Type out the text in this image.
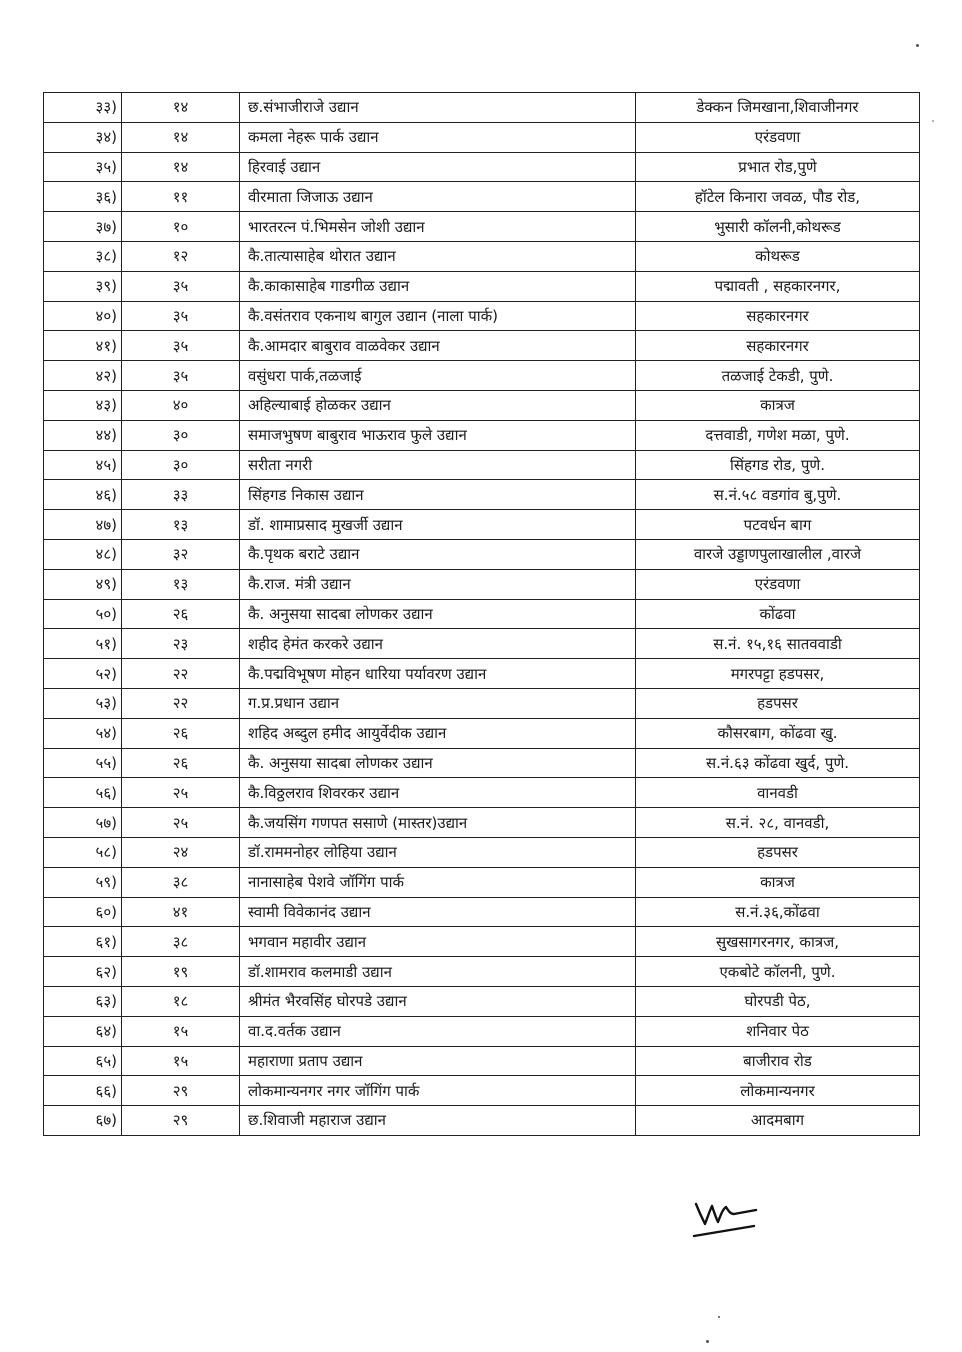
३३)	१४	छ.संभाजीराजे उद्यान	डेक्कन जिमखाना,शिवाजीनगर
३४)	१४	कमला नेहरू पार्क उद्यान	एरंडवणा
३५)	१४	हिरवाई उद्यान	प्रभात रोड,पुणे
३६)	११	वीरमाता जिजाऊ उद्यान	हॉटेल किनारा जवळ, पौड रोड,
३७)	१०	भारतरत्न पं.भिमसेन जोशी उद्यान	भुसारी कॉलनी,कोथरूड
३८)	१२	कै.तात्यासाहेब थोरात उद्यान	कोथरूड
३९)	३५	कै.काकासाहेब गाडगीळ उद्यान	पद्मावती , सहकारनगर,
४०)	३५	कै.वसंतराव एकनाथ बागुल उद्यान (नाला पार्क)	सहकारनगर
४१)	३५	कै.आमदार बाबुराव वाळवेकर उद्यान	सहकारनगर
४२)	३५	वसुंधरा पार्क,तळजाई	तळजाई टेकडी, पुणे.
४३)	४०	अहिल्याबाई होळकर उद्यान	कात्रज
४४)	३०	समाजभुषण बाबुराव भाऊराव फुले उद्यान	दत्तवाडी, गणेश मळा, पुणे.
४५)	३०	सरीता नगरी	सिंहगड रोड, पुणे.
४६)	३३	सिंहगड निकास उद्यान	स.नं.५८ वडगांव बु,पुणे.
४७)	१३	डॉ. शामाप्रसाद मुखर्जी उद्यान	पटवर्धन बाग
४८)	३२	कै.पृथक बराटे उद्यान	वारजे उड्डाणपुलाखालील ,वारजे
४९)	१३	कै.राज. मंत्री उद्यान	एरंडवणा
५०)	२६	कै. अनुसया सादबा लोणकर उद्यान	कोंढवा
५१)	२३	शहीद हेमंत करकरे उद्यान	स.नं. १५,१६ सातववाडी
५२)	२२	कै.पद्मविभूषण मोहन धारिया पर्यावरण उद्यान	मगरपट्टा हडपसर,
५३)	२२	ग.प्र.प्रधान उद्यान	हडपसर
५४)	२६	शहिद अब्दुल हमीद आयुर्वेदीक उद्यान	कौसरबाग, कोंढवा खु.
५५)	२६	कै. अनुसया सादबा लोणकर उद्यान	स.नं.६३ कोंढवा खुर्द, पुणे.
५६)	२५	कै.विठ्ठलराव शिवरकर उद्यान	वानवडी
५७)	२५	कै.जयसिंग गणपत ससाणे (मास्तर)उद्यान	स.नं. २८, वानवडी,
५८)	२४	डॉ.राममनोहर लोहिया उद्यान	हडपसर
५९)	३८	नानासाहेब पेशवे जॉगिंग पार्क	कात्रज
६०)	४१	स्वामी विवेकानंद उद्यान	स.नं.३६,कोंढवा
६१)	३८	भगवान महावीर उद्यान	सुखसागरनगर, कात्रज,
६२)	१९	डॉ.शामराव कलमाडी उद्यान	एकबोटे कॉलनी, पुणे.
६३)	१८	श्रीमंत भैरवसिंह घोरपडे उद्यान	घोरपडी पेठ,
६४)	१५	वा.द.वर्तक उद्यान	शनिवार पेठ
६५)	१५	महाराणा प्रताप उद्यान	बाजीराव रोड
६६)	२९	लोकमान्यनगर नगर जॉगिंग पार्क	लोकमान्यनगर
६७)	२९	छ.शिवाजी महाराज उद्यान	आदमबाग
